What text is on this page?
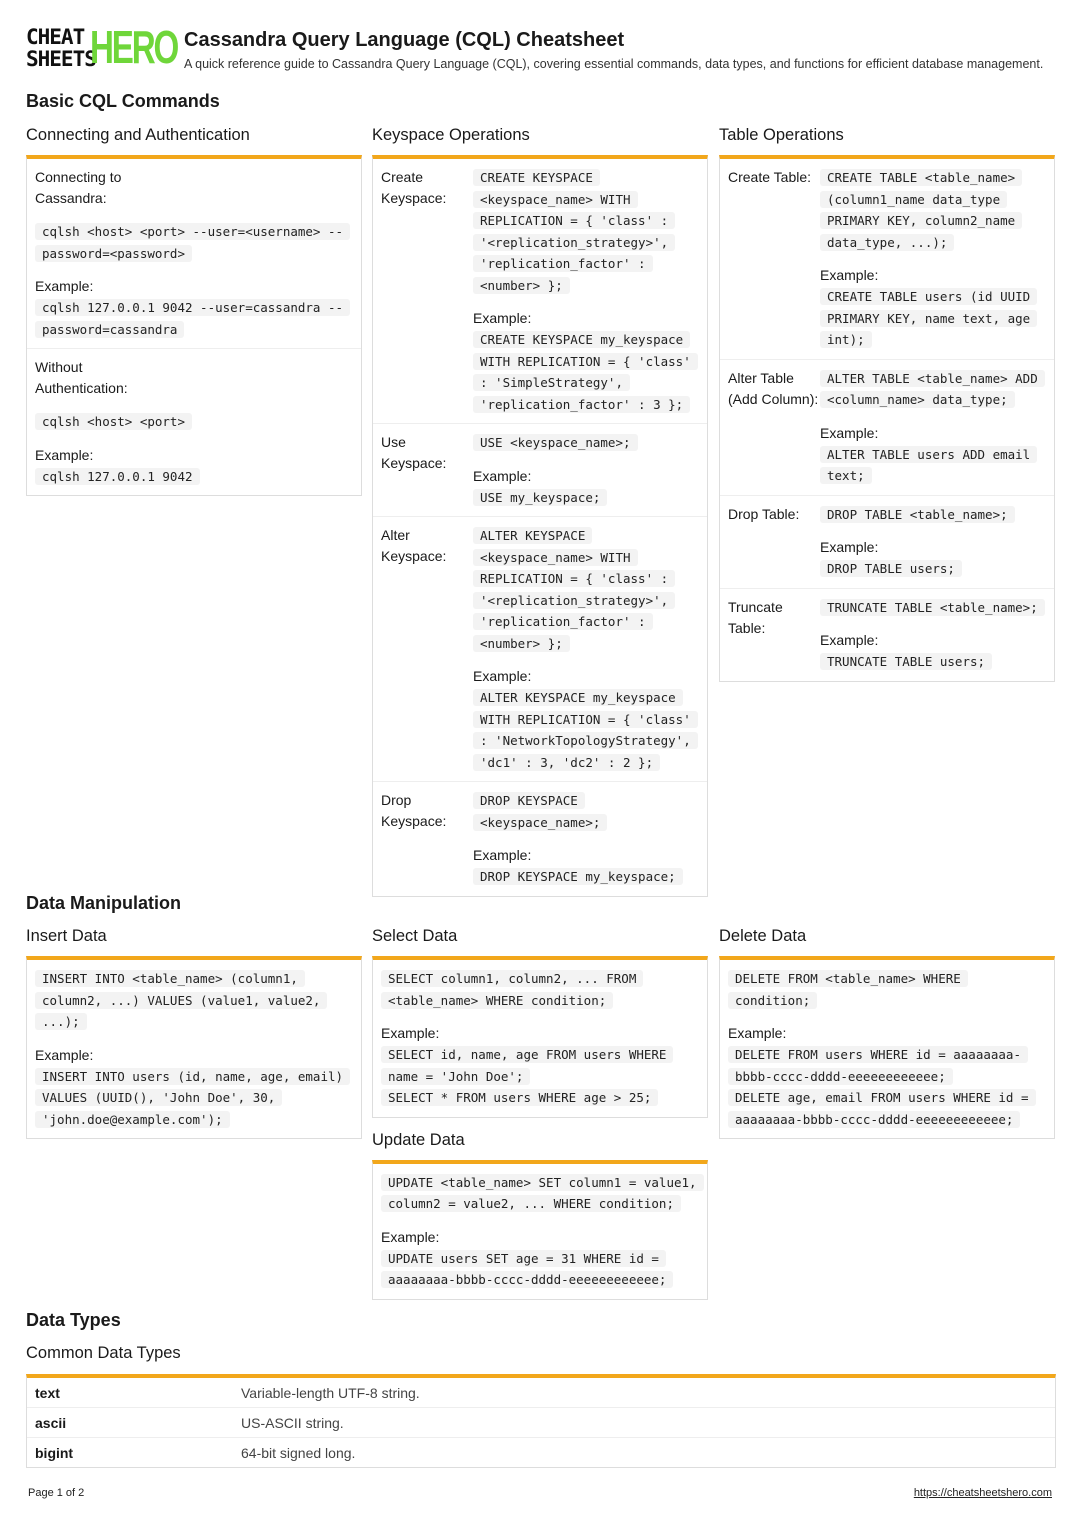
CHEAT
SHEETS
HERO Cassandra Query Language (CQL) Cheatsheet
A quick reference guide to Cassandra Query Language (CQL), covering essential commands, data types, and functions for efficient database management.
Basic CQL Commands
Connecting and Authentication
Connecting to Cassandra:
cqlsh <host> <port> --user=<username> --password=<password>
Example:
cqlsh 127.0.0.1 9042 --user=cassandra --password=cassandra
Without Authentication:
cqlsh <host> <port>
Example:
cqlsh 127.0.0.1 9042
Keyspace Operations
Create Keyspace:
CREATE KEYSPACE <keyspace_name> WITH REPLICATION = { 'class' : '<replication_strategy>', 'replication_factor' : <number> };
Example:
CREATE KEYSPACE my_keyspace WITH REPLICATION = { 'class' : 'SimpleStrategy', 'replication_factor' : 3 };
Use Keyspace:
USE <keyspace_name>;
Example:
USE my_keyspace;
Alter Keyspace:
ALTER KEYSPACE <keyspace_name> WITH REPLICATION = { 'class' : '<replication_strategy>', 'replication_factor' : <number> };
Example:
ALTER KEYSPACE my_keyspace WITH REPLICATION = { 'class' : 'NetworkTopologyStrategy', 'dc1' : 3, 'dc2' : 2 };
Drop Keyspace:
DROP KEYSPACE <keyspace_name>;
Example:
DROP KEYSPACE my_keyspace;
Table Operations
Create Table:	CREATE TABLE <table_name> (column1_name data_type PRIMARY KEY, column2_name data_type, ...);
Example:
CREATE TABLE users (id UUID PRIMARY KEY, name text, age int);
Alter Table (Add Column):
ALTER TABLE <table_name> ADD <column_name> data_type;
Example:
ALTER TABLE users ADD email text;
Drop Table:	DROP TABLE <table_name>;
Example:
DROP TABLE users;
Truncate Table:
TRUNCATE TABLE <table_name>;
Example:
TRUNCATE TABLE users;
Data Manipulation
Insert Data
INSERT INTO <table_name> (column1, column2, ...) VALUES (value1, value2, ...);
Example:
INSERT INTO users (id, name, age, email) VALUES (UUID(), 'John Doe', 30, 'john.doe@example.com');
Select Data
SELECT column1, column2, ... FROM <table_name> WHERE condition;
Example:
SELECT id, name, age FROM users WHERE name = 'John Doe';
SELECT * FROM users WHERE age > 25;
Update Data
UPDATE <table_name> SET column1 = value1, column2 = value2, ... WHERE condition;
Example:
UPDATE users SET age = 31 WHERE id = aaaaaaaa-bbbb-cccc-dddd-eeeeeeeeeeee;
Delete Data
DELETE FROM <table_name> WHERE condition;
Example:
DELETE FROM users WHERE id = aaaaaaaa-bbbb-cccc-dddd-eeeeeeeeeeee;
DELETE age, email FROM users WHERE id = aaaaaaaa-bbbb-cccc-dddd-eeeeeeeeeeee;
Data Types
Common Data Types
text	Variable-length UTF-8 string.
ascii	US-ASCII string.
bigint	64-bit signed long.
Page 1 of 2	https://cheatsheetshero.com
